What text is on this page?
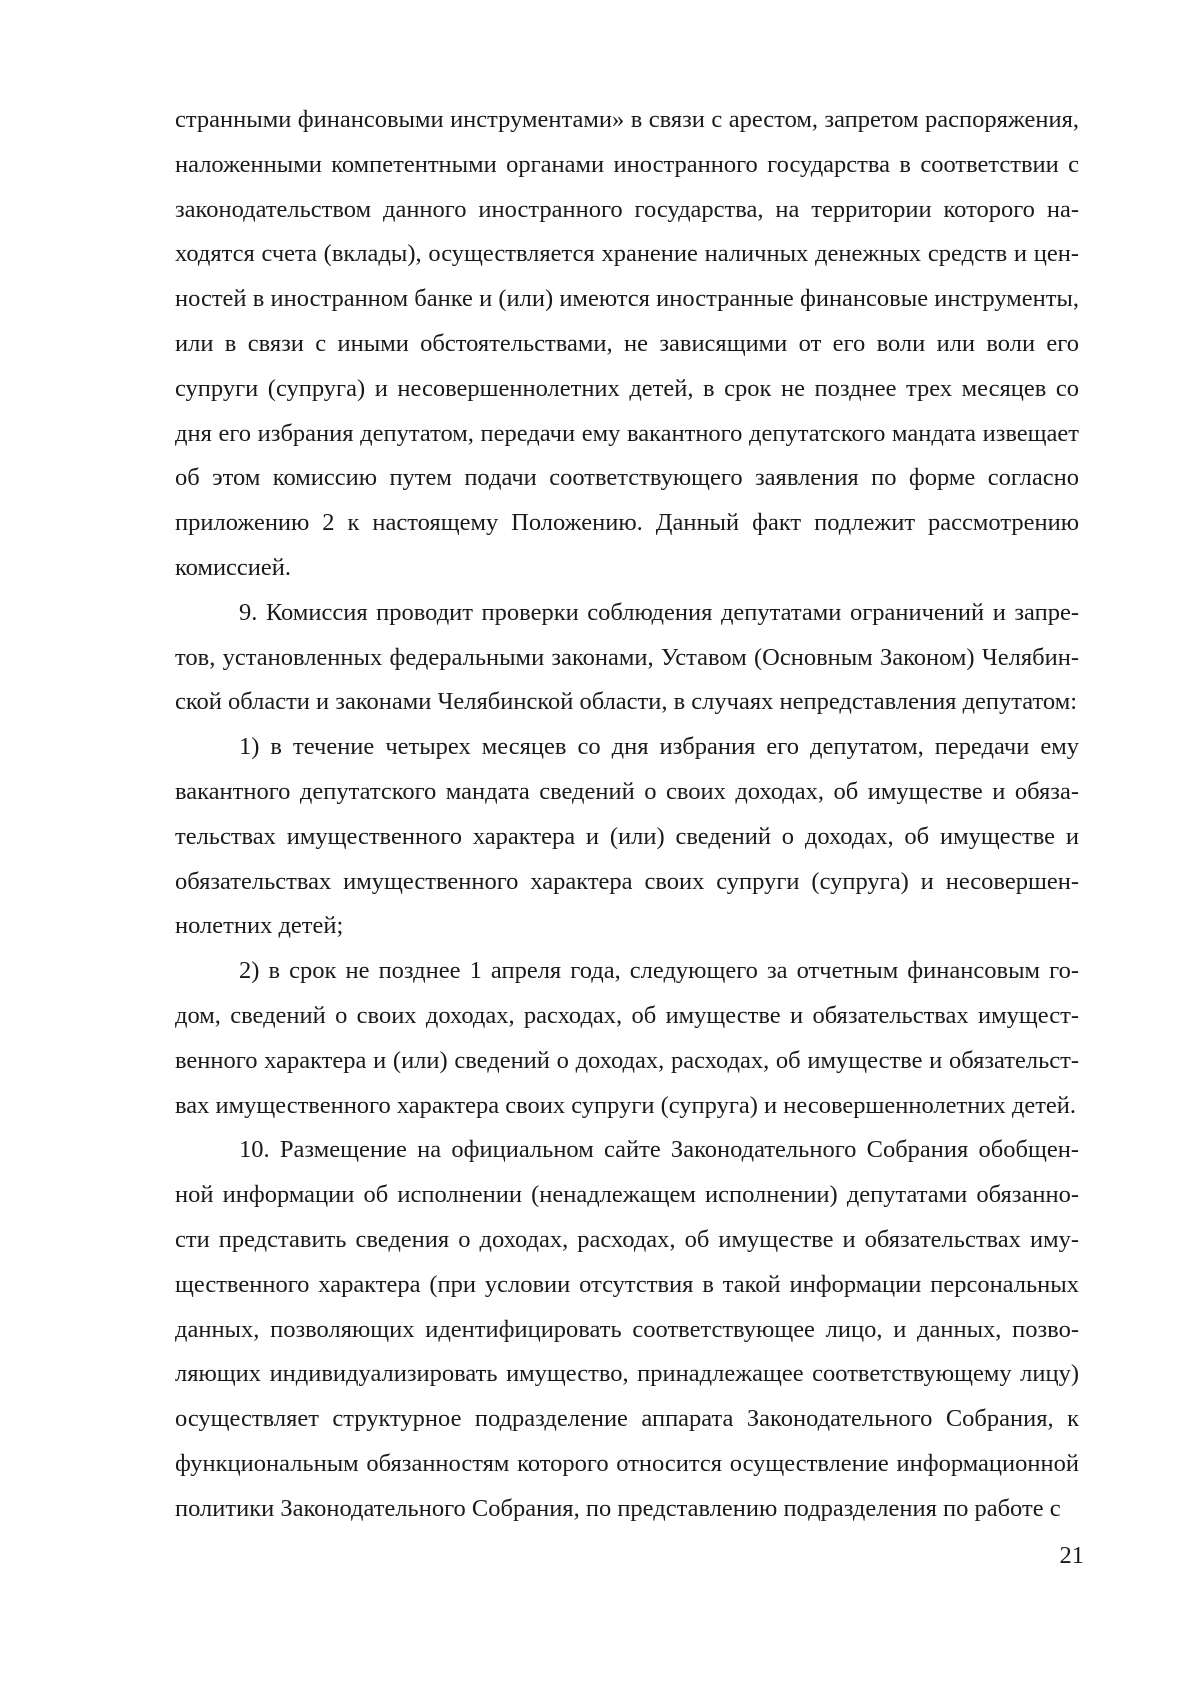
странными финансовыми инструментами» в связи с арестом, запретом распоряжения, наложенными компетентными органами иностранного государства в соответствии с законодательством данного иностранного государства, на территории которого находятся счета (вклады), осуществляется хранение наличных денежных средств и ценностей в иностранном банке и (или) имеются иностранные финансовые инструменты, или в связи с иными обстоятельствами, не зависящими от его воли или воли его супруги (супруга) и несовершеннолетних детей, в срок не позднее трех месяцев со дня его избрания депутатом, передачи ему вакантного депутатского мандата извещает об этом комиссию путем подачи соответствующего заявления по форме согласно приложению 2 к настоящему Положению. Данный факт подлежит рассмотрению комиссией.

9. Комиссия проводит проверки соблюдения депутатами ограничений и запретов, установленных федеральными законами, Уставом (Основным Законом) Челябинской области и законами Челябинской области, в случаях непредставления депутатом:

1) в течение четырех месяцев со дня избрания его депутатом, передачи ему вакантного депутатского мандата сведений о своих доходах, об имуществе и обязательствах имущественного характера и (или) сведений о доходах, об имуществе и обязательствах имущественного характера своих супруги (супруга) и несовершеннолетних детей;

2) в срок не позднее 1 апреля года, следующего за отчетным финансовым годом, сведений о своих доходах, расходах, об имуществе и обязательствах имущественного характера и (или) сведений о доходах, расходах, об имуществе и обязательствах имущественного характера своих супруги (супруга) и несовершеннолетних детей.

10. Размещение на официальном сайте Законодательного Собрания обобщенной информации об исполнении (ненадлежащем исполнении) депутатами обязанности представить сведения о доходах, расходах, об имуществе и обязательствах имущественного характера (при условии отсутствия в такой информации персональных данных, позволяющих идентифицировать соответствующее лицо, и данных, позволяющих индивидуализировать имущество, принадлежащее соответствующему лицу) осуществляет структурное подразделение аппарата Законодательного Собрания, к функциональным обязанностям которого относится осуществление информационной политики Законодательного Собрания, по представлению подразделения по работе с

21
